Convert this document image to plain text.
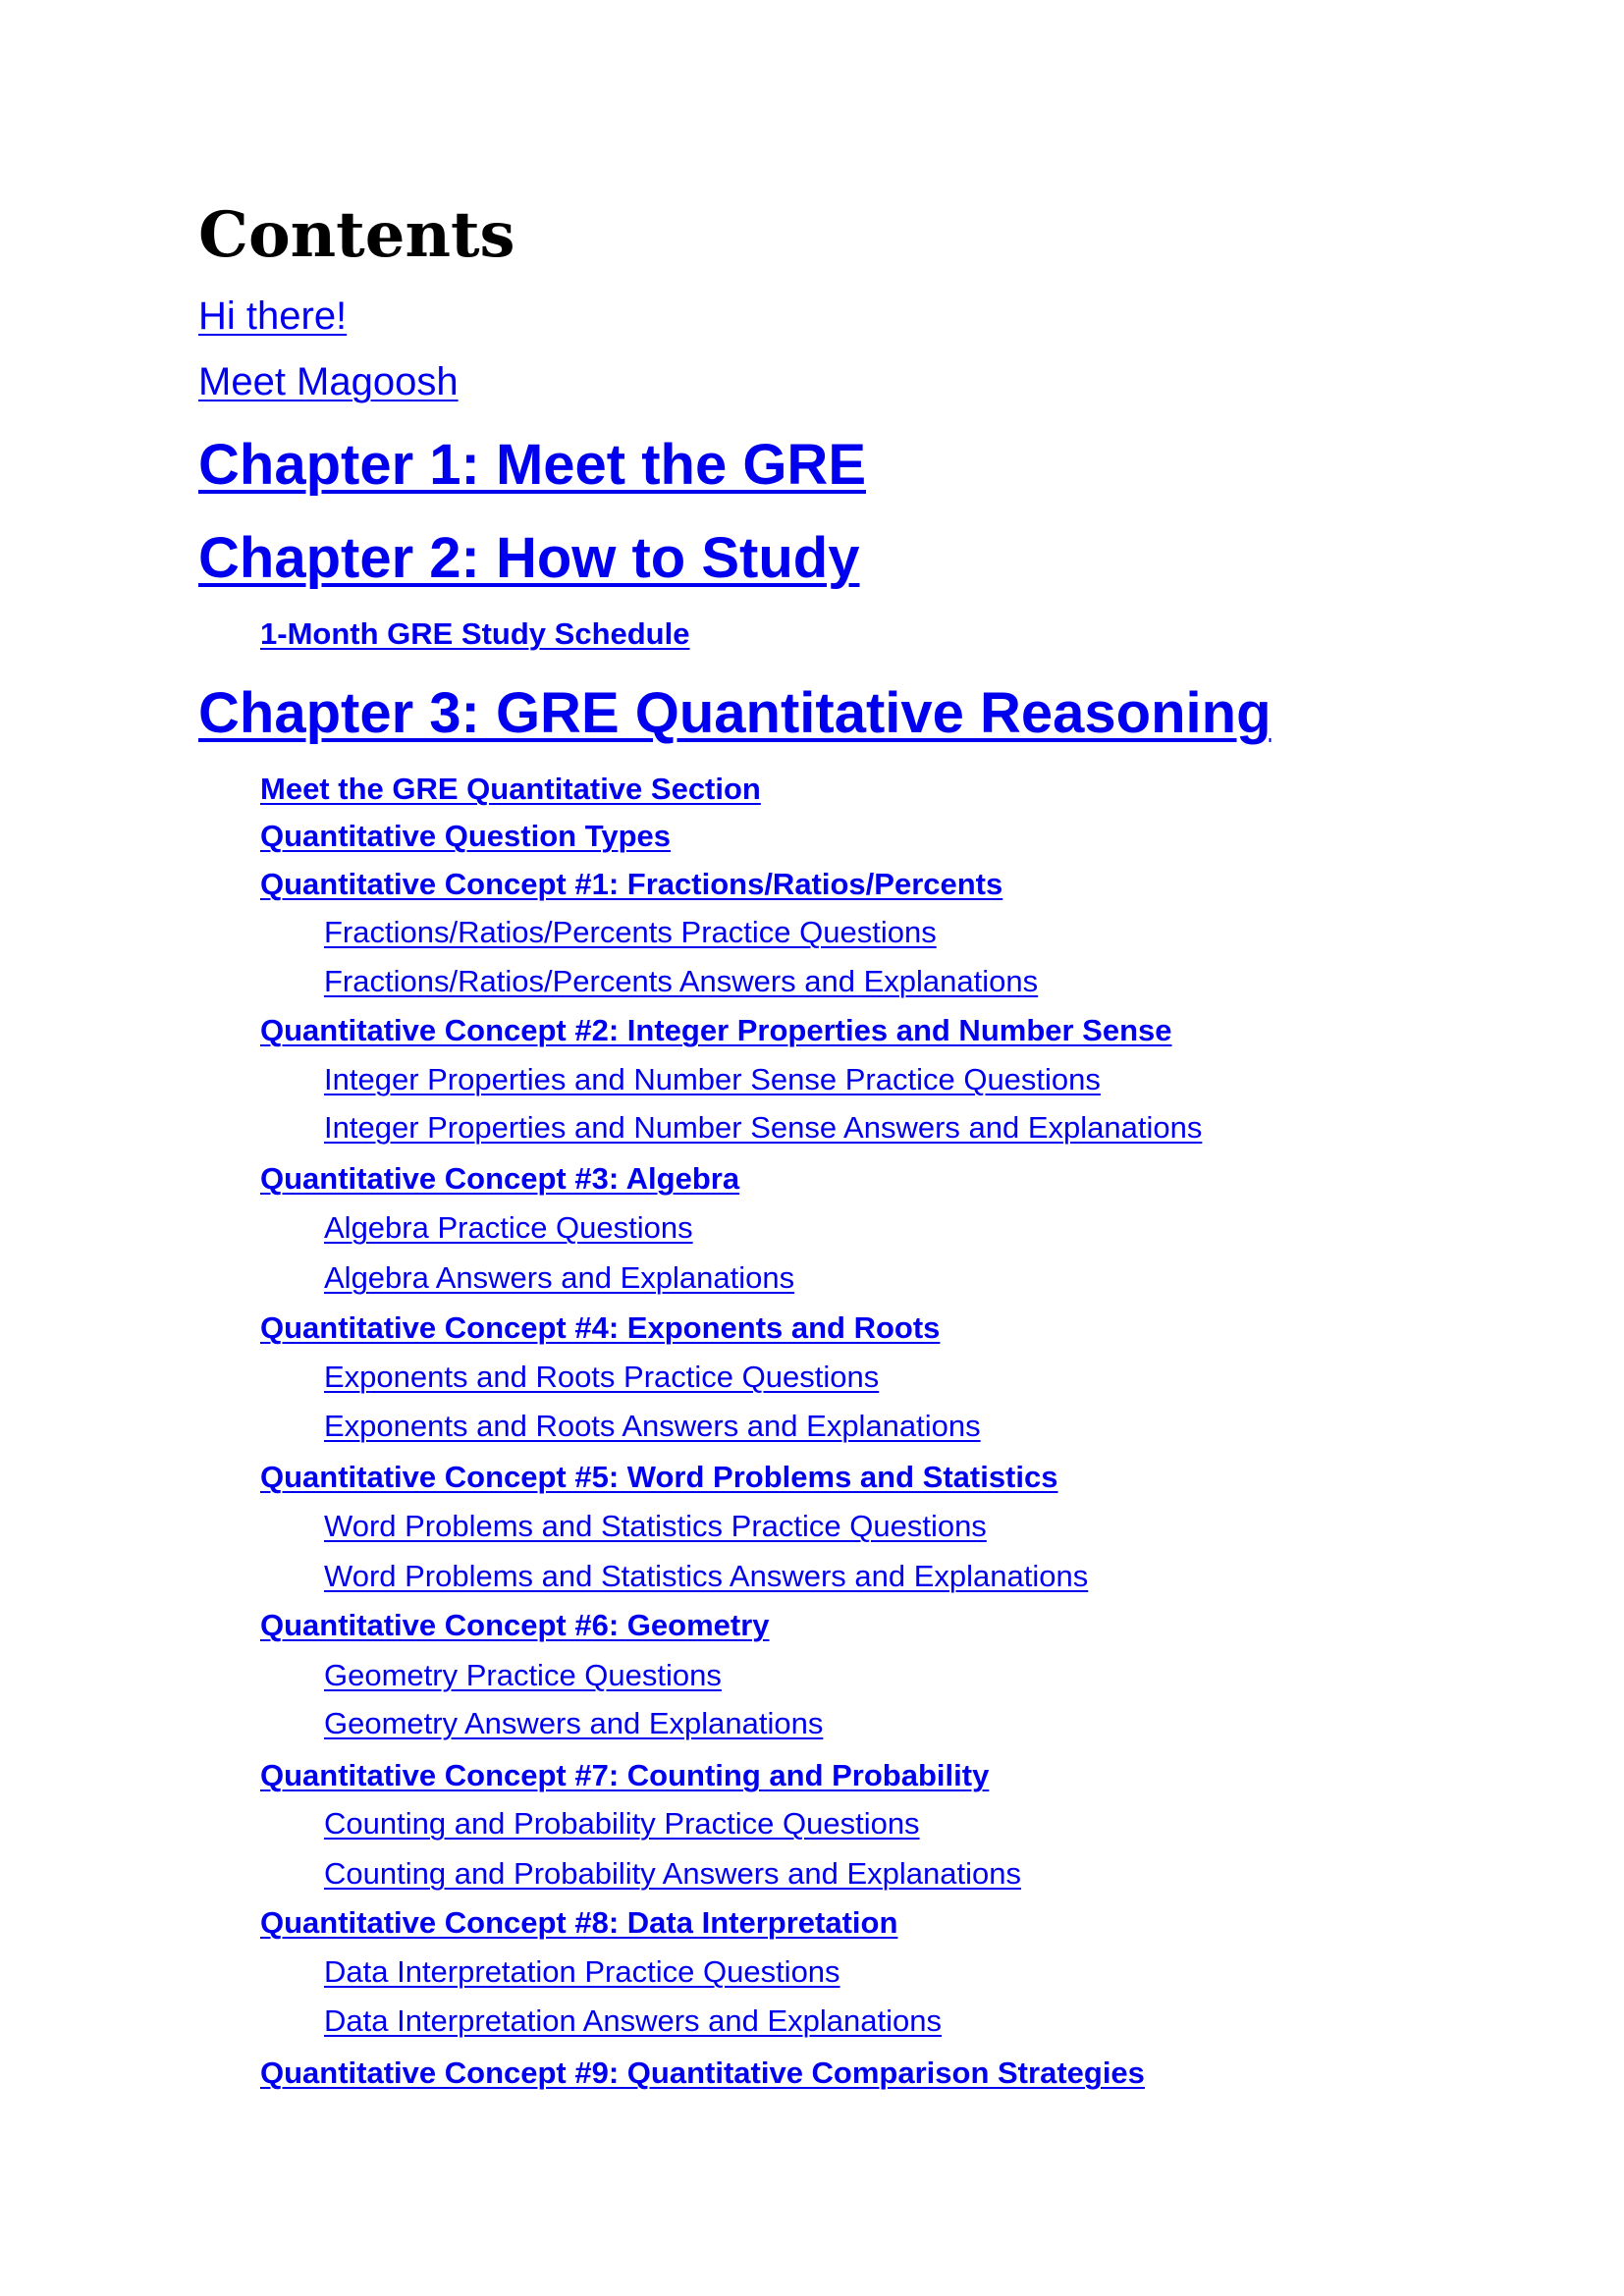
Contents
Hi there!
Meet Magoosh
Chapter 1: Meet the GRE
Chapter 2: How to Study
1-Month GRE Study Schedule
Chapter 3: GRE Quantitative Reasoning
Meet the GRE Quantitative Section
Quantitative Question Types
Quantitative Concept #1: Fractions/Ratios/Percents
Fractions/Ratios/Percents Practice Questions
Fractions/Ratios/Percents Answers and Explanations
Quantitative Concept #2: Integer Properties and Number Sense
Integer Properties and Number Sense Practice Questions
Integer Properties and Number Sense Answers and Explanations
Quantitative Concept #3: Algebra
Algebra Practice Questions
Algebra Answers and Explanations
Quantitative Concept #4: Exponents and Roots
Exponents and Roots Practice Questions
Exponents and Roots Answers and Explanations
Quantitative Concept #5: Word Problems and Statistics
Word Problems and Statistics Practice Questions
Word Problems and Statistics Answers and Explanations
Quantitative Concept #6: Geometry
Geometry Practice Questions
Geometry Answers and Explanations
Quantitative Concept #7: Counting and Probability
Counting and Probability Practice Questions
Counting and Probability Answers and Explanations
Quantitative Concept #8: Data Interpretation
Data Interpretation Practice Questions
Data Interpretation Answers and Explanations
Quantitative Concept #9: Quantitative Comparison Strategies
